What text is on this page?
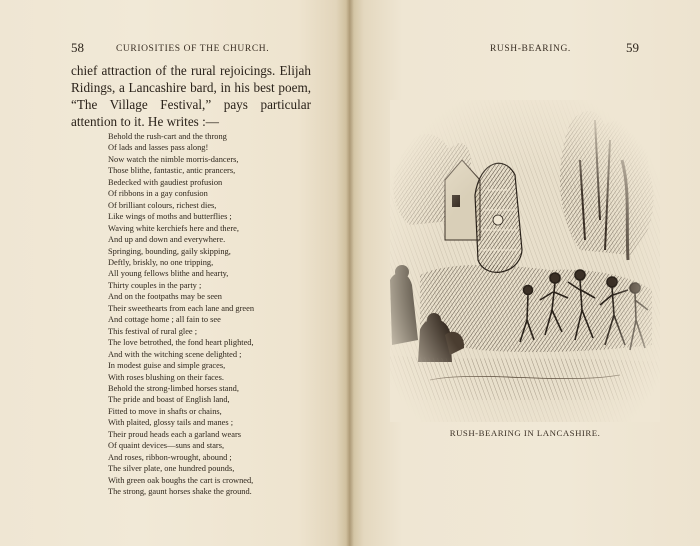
58	CURIOSITIES OF THE CHURCH.

chief attraction of the rural rejoicings. Elijah Ridings, a Lancashire bard, in his best poem, “The Village Festival,” pays particular attention to it. He writes :—

Behold the rush-cart and the throng
Of lads and lasses pass along!
Now watch the nimble morris-dancers,
Those blithe, fantastic, antic prancers,
Bedecked with gaudiest profusion
Of ribbons in a gay confusion
Of brilliant colours, richest dies,
Like wings of moths and butterflies ;
Waving white kerchiefs here and there,
And up and down and everywhere.
Springing, bounding, gaily skipping,
Deftly, briskly, no one tripping,
All young fellows blithe and hearty,
Thirty couples in the party ;
And on the footpaths may be seen
Their sweethearts from each lane and green
And cottage home ; all fain to see
This festival of rural glee ;
The love betrothed, the fond heart plighted,
And with the witching scene delighted ;
In modest guise and simple graces,
With roses blushing on their faces.
Behold the strong-limbed horses stand,
The pride and boast of English land,
Fitted to move in shafts or chains,
With plaited, glossy tails and manes ;
Their proud heads each a garland wears
Of quaint devices—suns and stars,
And roses, ribbon-wrought, abound ;
The silver plate, one hundred pounds,
With green oak boughs the cart is crowned,
The strong, gaunt horses shake the ground.
RUSH-BEARING.	59
RUSH-BEARING IN LANCASHIRE.
